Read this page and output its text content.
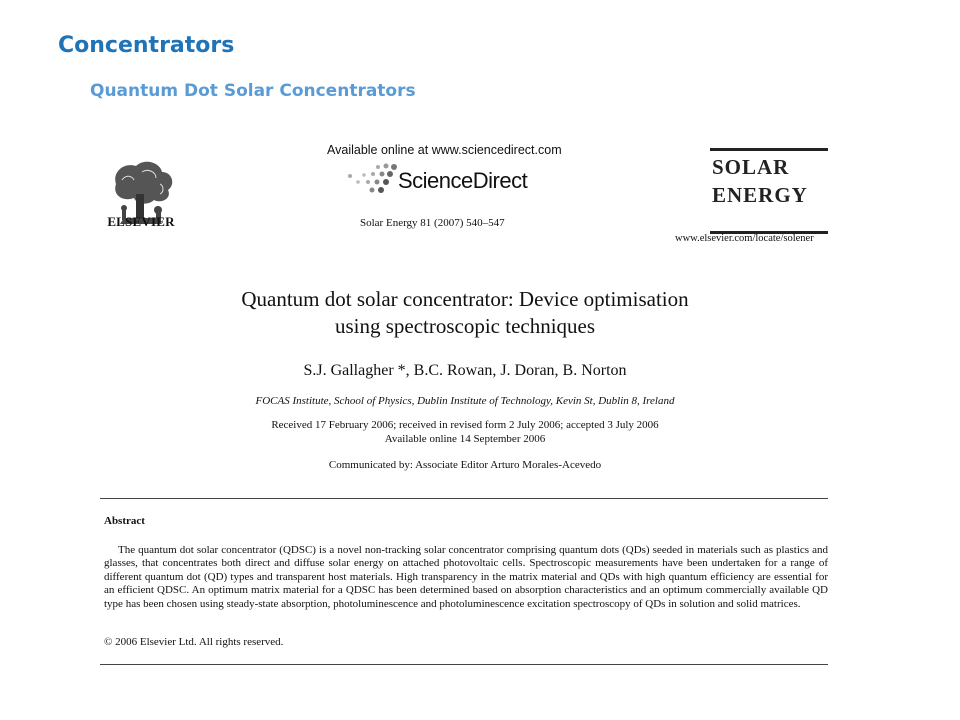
Concentrators
Quantum Dot Solar Concentrators
ELSEVIER
Available online at www.sciencedirect.com
ScienceDirect
Solar Energy 81 (2007) 540–547
SOLAR
ENERGY
www.elsevier.com/locate/solener
Quantum dot solar concentrator: Device optimisation
using spectroscopic techniques
S.J. Gallagher *, B.C. Rowan, J. Doran, B. Norton
FOCAS Institute, School of Physics, Dublin Institute of Technology, Kevin St, Dublin 8, Ireland
Received 17 February 2006; received in revised form 2 July 2006; accepted 3 July 2006
Available online 14 September 2006
Communicated by: Associate Editor Arturo Morales-Acevedo
Abstract
The quantum dot solar concentrator (QDSC) is a novel non-tracking solar concentrator comprising quantum dots (QDs) seeded in materials such as plastics and glasses, that concentrates both direct and diffuse solar energy on attached photovoltaic cells. Spectroscopic measurements have been undertaken for a range of different quantum dot (QD) types and transparent host materials. High transparency in the matrix material and QDs with high quantum efficiency are essential for an efficient QDSC. An optimum matrix material for a QDSC has been determined based on absorption characteristics and an optimum commercially available QD type has been chosen using steady-state absorption, photoluminescence and photoluminescence excitation spectroscopy of QDs in solution and solid matrices.
© 2006 Elsevier Ltd. All rights reserved.
